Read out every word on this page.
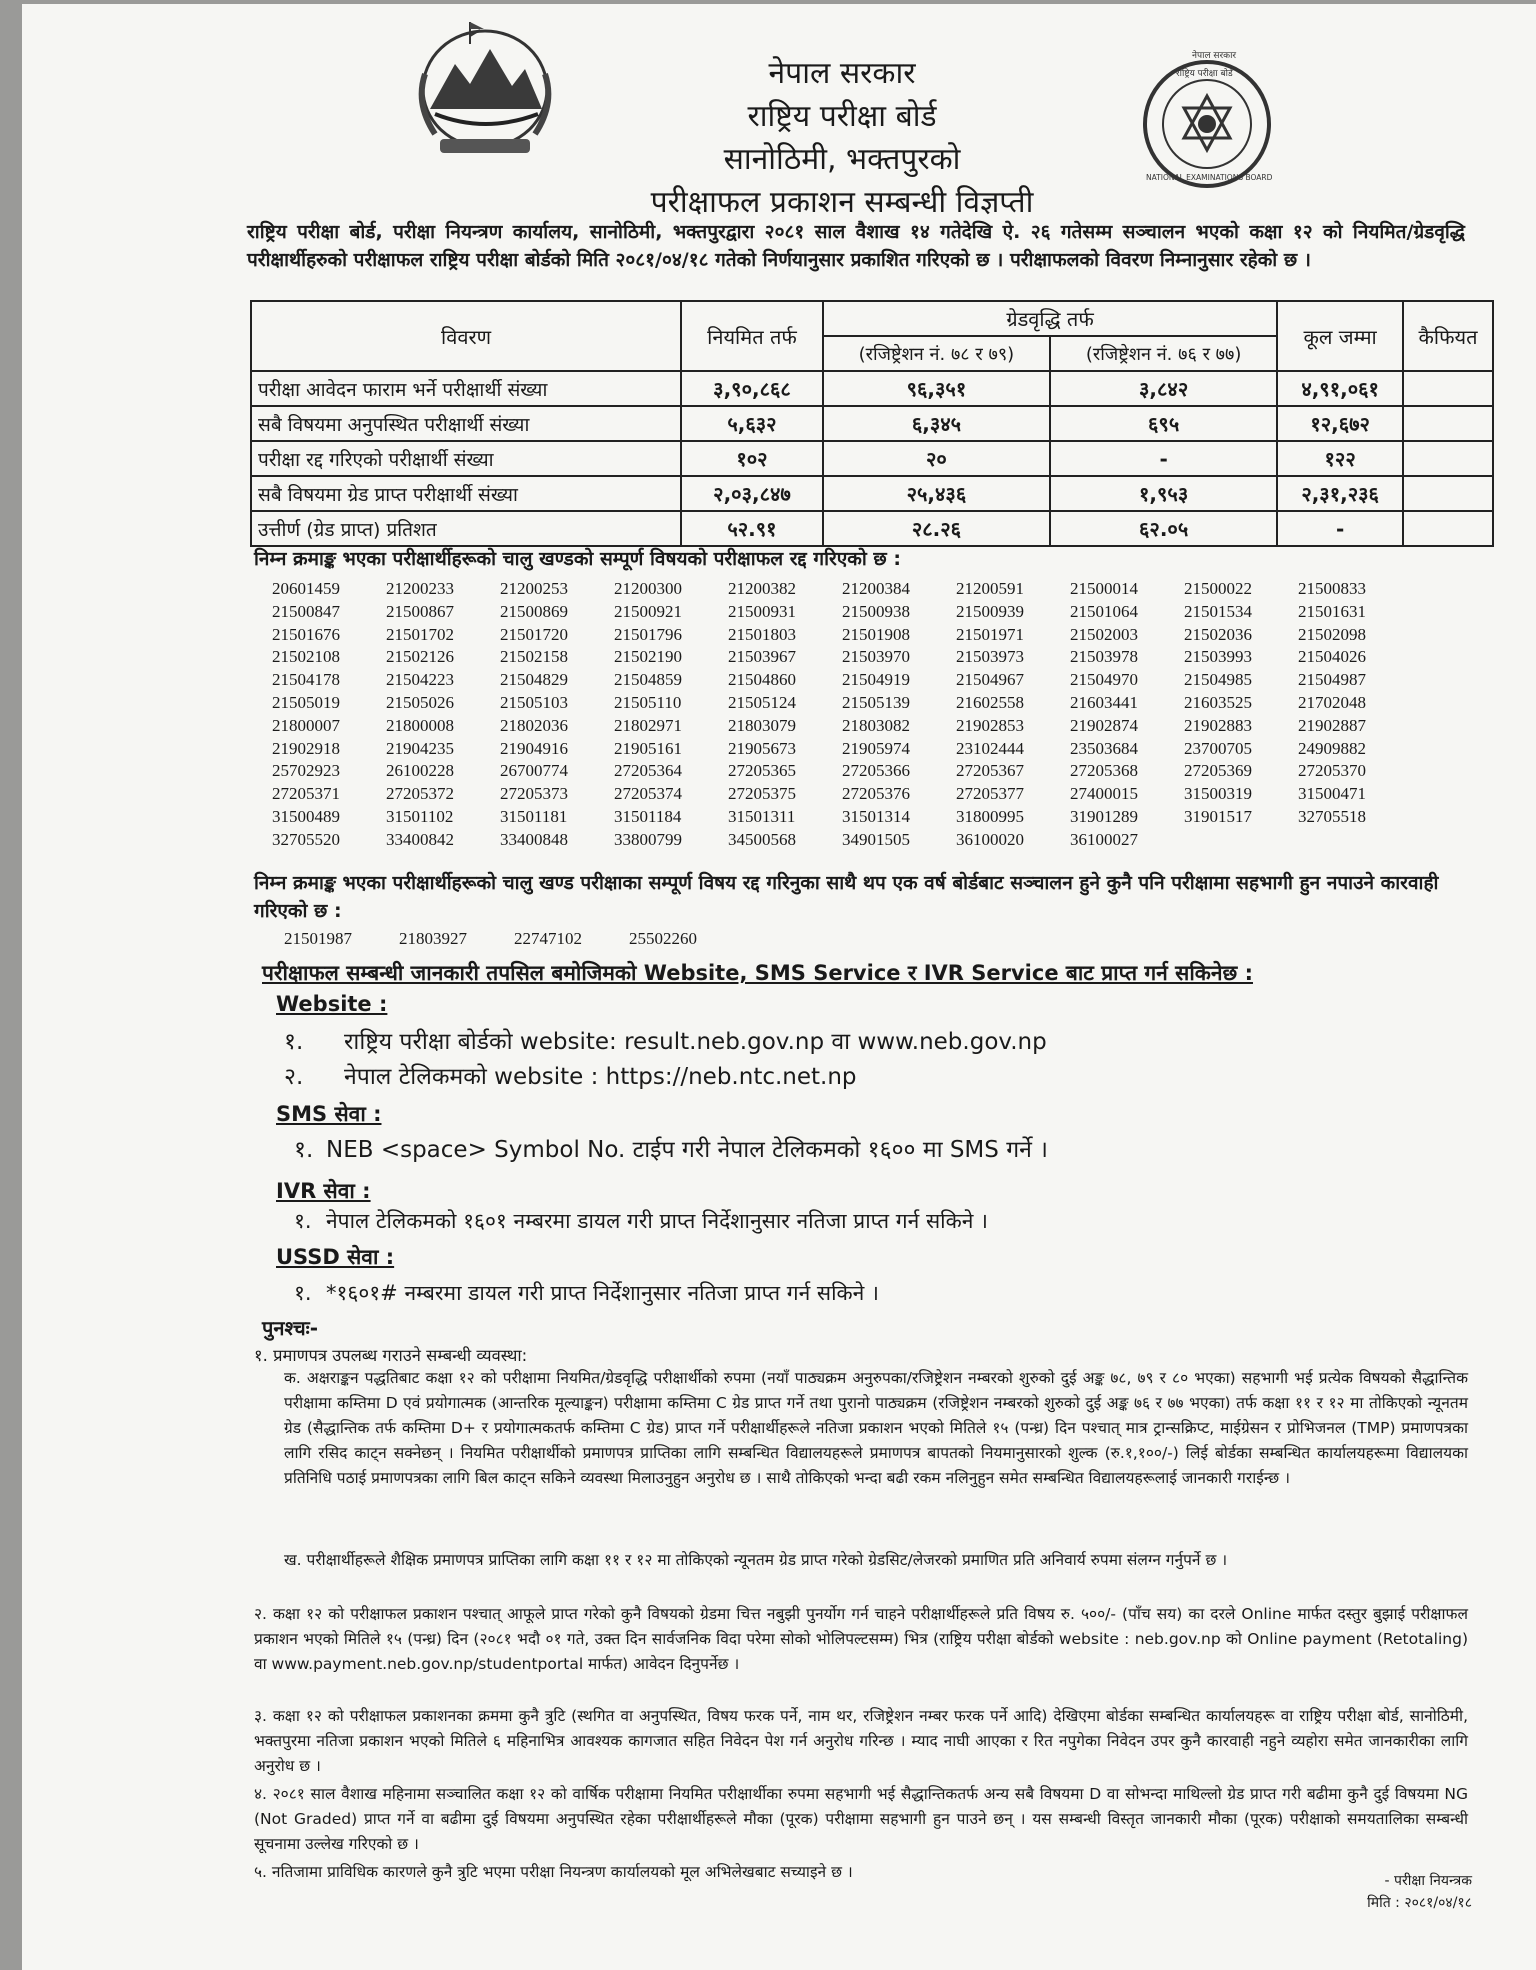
नेपाल सरकार
राष्ट्रिय परीक्षा बोर्ड
NATIONAL EXAMINATIONS BOARD
नेपाल सरकार
राष्ट्रिय परीक्षा बोर्ड
सानोठिमी, भक्तपुरको
परीक्षाफल प्रकाशन सम्बन्धी विज्ञप्ती
राष्ट्रिय परीक्षा बोर्ड, परीक्षा नियन्त्रण कार्यालय, सानोठिमी, भक्तपुरद्वारा २०८१ साल वैशाख १४ गतेदेखि ऐ. २६ गतेसम्म सञ्चालन भएको कक्षा १२ को नियमित/ग्रेडवृद्धि परीक्षार्थीहरुको परीक्षाफल राष्ट्रिय परीक्षा बोर्डको मिति २०८१/०४/१८ गतेको निर्णयानुसार प्रकाशित गरिएको छ । परीक्षाफलको विवरण निम्नानुसार रहेको छ ।
विवरण	नियमित तर्फ	ग्रेडवृद्धि तर्फ		कूल जम्मा	कैफियत
		(रजिष्ट्रेशन नं. ७८ र ७९)	(रजिष्ट्रेशन नं. ७६ र ७७)		
परीक्षा आवेदन फाराम भर्ने परीक्षार्थी संख्या	३,९०,८६८	९६,३५१	३,८४२	४,९१,०६१	
सबै विषयमा अनुपस्थित परीक्षार्थी संख्या	५,६३२	६,३४५	६९५	१२,६७२	
परीक्षा रद्द गरिएको परीक्षार्थी संख्या	१०२	२०	-	१२२	
सबै विषयमा ग्रेड प्राप्त परीक्षार्थी संख्या	२,०३,८४७	२५,४३६	१,९५३	२,३१,२३६	
उत्तीर्ण (ग्रेड प्राप्त) प्रतिशत	५२.९१	२८.२६	६२.०५	-	
निम्न क्रमाङ्क भएका परीक्षार्थीहरूको चालु खण्डको सम्पूर्ण विषयको परीक्षाफल रद्द गरिएको छ :
20601459	21200233	21200253	21200300	21200382	21200384	21200591	21500014	21500022	21500833
21500847	21500867	21500869	21500921	21500931	21500938	21500939	21501064	21501534	21501631
21501676	21501702	21501720	21501796	21501803	21501908	21501971	21502003	21502036	21502098
21502108	21502126	21502158	21502190	21503967	21503970	21503973	21503978	21503993	21504026
21504178	21504223	21504829	21504859	21504860	21504919	21504967	21504970	21504985	21504987
21505019	21505026	21505103	21505110	21505124	21505139	21602558	21603441	21603525	21702048
21800007	21800008	21802036	21802971	21803079	21803082	21902853	21902874	21902883	21902887
21902918	21904235	21904916	21905161	21905673	21905974	23102444	23503684	23700705	24909882
25702923	26100228	26700774	27205364	27205365	27205366	27205367	27205368	27205369	27205370
27205371	27205372	27205373	27205374	27205375	27205376	27205377	27400015	31500319	31500471
31500489	31501102	31501181	31501184	31501311	31501314	31800995	31901289	31901517	32705518
32705520	33400842	33400848	33800799	34500568	34901505	36100020	36100027
निम्न क्रमाङ्क भएका परीक्षार्थीहरूको चालु खण्ड परीक्षाका सम्पूर्ण विषय रद्द गरिनुका साथै थप एक वर्ष बोर्डबाट सञ्चालन हुने कुनै पनि परीक्षामा सहभागी हुन नपाउने कारवाही गरिएको छ :
21501987	21803927	22747102	25502260
परीक्षाफल सम्बन्धी जानकारी तपसिल बमोजिमको Website, SMS Service र IVR Service बाट प्राप्त गर्न सकिनेछ :
Website :
१. राष्ट्रिय परीक्षा बोर्डको website: result.neb.gov.np वा www.neb.gov.np
२. नेपाल टेलिकमको website : https://neb.ntc.net.np
SMS सेवा :
१. NEB <space> Symbol No. टाईप गरी नेपाल टेलिकमको १६०० मा SMS गर्ने ।
IVR सेवा :
१. नेपाल टेलिकमको १६०१ नम्बरमा डायल गरी प्राप्त निर्देशानुसार नतिजा प्राप्त गर्न सकिने ।
USSD सेवा :
१. *१६०१# नम्बरमा डायल गरी प्राप्त निर्देशानुसार नतिजा प्राप्त गर्न सकिने ।
पुनश्चः-
१. प्रमाणपत्र उपलब्ध गराउने सम्बन्धी व्यवस्था:
क. अक्षराङ्कन पद्धतिबाट कक्षा १२ को परीक्षामा नियमित/ग्रेडवृद्धि परीक्षार्थीको रुपमा (नयाँ पाठ्यक्रम अनुरुपका/रजिष्ट्रेशन नम्बरको शुरुको दुई अङ्क ७८, ७९ र ८० भएका) सहभागी भई प्रत्येक विषयको सैद्धान्तिक परीक्षामा कम्तिमा D एवं प्रयोगात्मक (आन्तरिक मूल्याङ्कन) परीक्षामा कम्तिमा C ग्रेड प्राप्त गर्ने तथा पुरानो पाठ्यक्रम (रजिष्ट्रेशन नम्बरको शुरुको दुई अङ्क ७६ र ७७ भएका) तर्फ कक्षा ११ र १२ मा तोकिएको न्यूनतम ग्रेड (सैद्धान्तिक तर्फ कम्तिमा D+ र प्रयोगात्मकतर्फ कम्तिमा C ग्रेड) प्राप्त गर्ने परीक्षार्थीहरूले नतिजा प्रकाशन भएको मितिले १५ (पन्ध्र) दिन पश्चात् मात्र ट्रान्सक्रिप्ट, माईग्रेसन र प्रोभिजनल (TMP) प्रमाणपत्रका लागि रसिद काट्न सक्नेछन् । नियमित परीक्षार्थीको प्रमाणपत्र प्राप्तिका लागि सम्बन्धित विद्यालयहरूले प्रमाणपत्र बापतको नियमानुसारको शुल्क (रु.१,१००/-) लिई बोर्डका सम्बन्धित कार्यालयहरूमा विद्यालयका प्रतिनिधि पठाई प्रमाणपत्रका लागि बिल काट्न सकिने व्यवस्था मिलाउनुहुन अनुरोध छ । साथै तोकिएको भन्दा बढी रकम नलिनुहुन समेत सम्बन्धित विद्यालयहरूलाई जानकारी गराईन्छ ।
ख. परीक्षार्थीहरूले शैक्षिक प्रमाणपत्र प्राप्तिका लागि कक्षा ११ र १२ मा तोकिएको न्यूनतम ग्रेड प्राप्त गरेको ग्रेडसिट/लेजरको प्रमाणित प्रति अनिवार्य रुपमा संलग्न गर्नुपर्ने छ ।
२. कक्षा १२ को परीक्षाफल प्रकाशन पश्चात् आफूले प्राप्त गरेको कुनै विषयको ग्रेडमा चित्त नबुझी पुनर्योग गर्न चाहने परीक्षार्थीहरूले प्रति विषय रु. ५००/- (पाँच सय) का दरले Online मार्फत दस्तुर बुझाई परीक्षाफल प्रकाशन भएको मितिले १५ (पन्ध्र) दिन (२०८१ भदौ ०१ गते, उक्त दिन सार्वजनिक विदा परेमा सोको भोलिपल्टसम्म) भित्र (राष्ट्रिय परीक्षा बोर्डको website : neb.gov.np को Online payment (Retotaling) वा www.payment.neb.gov.np/studentportal मार्फत) आवेदन दिनुपर्नेछ ।
३. कक्षा १२ को परीक्षाफल प्रकाशनका क्रममा कुनै त्रुटि (स्थगित वा अनुपस्थित, विषय फरक पर्ने, नाम थर, रजिष्ट्रेशन नम्बर फरक पर्ने आदि) देखिएमा बोर्डका सम्बन्धित कार्यालयहरू वा राष्ट्रिय परीक्षा बोर्ड, सानोठिमी, भक्तपुरमा नतिजा प्रकाशन भएको मितिले ६ महिनाभित्र आवश्यक कागजात सहित निवेदन पेश गर्न अनुरोध गरिन्छ । म्याद नाघी आएका र रित नपुगेका निवेदन उपर कुनै कारवाही नहुने व्यहोरा समेत जानकारीका लागि अनुरोध छ ।
४. २०८१ साल वैशाख महिनामा सञ्चालित कक्षा १२ को वार्षिक परीक्षामा नियमित परीक्षार्थीका रुपमा सहभागी भई सैद्धान्तिकतर्फ अन्य सबै विषयमा D वा सोभन्दा माथिल्लो ग्रेड प्राप्त गरी बढीमा कुनै दुई विषयमा NG (Not Graded) प्राप्त गर्ने वा बढीमा दुई विषयमा अनुपस्थित रहेका परीक्षार्थीहरूले मौका (पूरक) परीक्षामा सहभागी हुन पाउने छन् । यस सम्बन्धी विस्तृत जानकारी मौका (पूरक) परीक्षाको समयतालिका सम्बन्धी सूचनामा उल्लेख गरिएको छ ।
५. नतिजामा प्राविधिक कारणले कुनै त्रुटि भएमा परीक्षा नियन्त्रण कार्यालयको मूल अभिलेखबाट सच्याइने छ ।	- परीक्षा नियन्त्रक
मिति : २०८१/०४/१८
